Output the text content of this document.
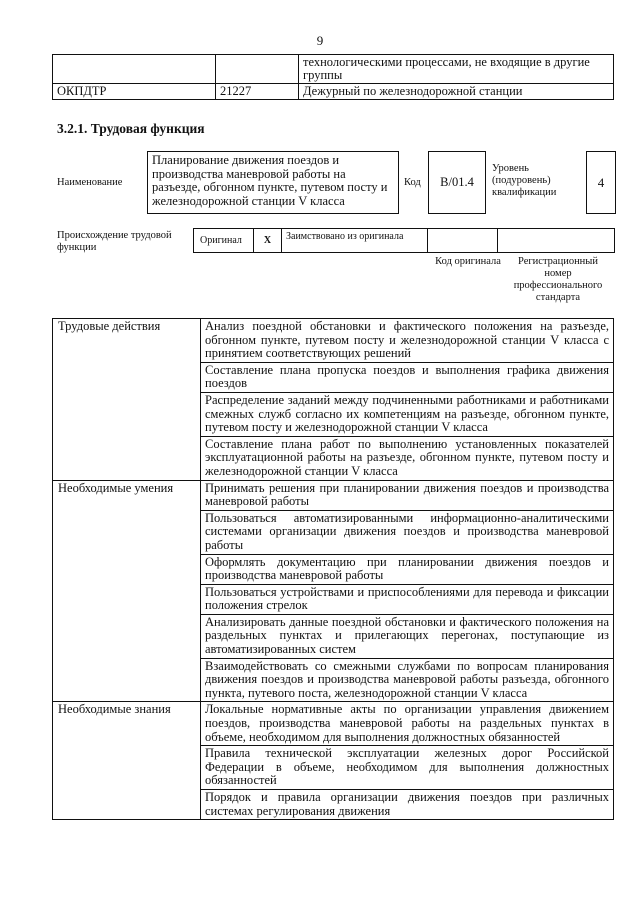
9
		технологическими процессами, не входящие в другие группы
ОКПДТР	21227	Дежурный по железнодорожной станции
3.2.1. Трудовая функция
Наименование
Планирование движения поездов и производства маневровой работы на разъезде, обгонном пункте, путевом посту и железнодорожной станции V класса
Код	B/01.4
Уровень (подуровень) квалификации
4
Происхождение трудовой функции
Оригинал	X	Заимствовано из оригинала
Код оригинала	Регистрационный номер профессионального стандарта
Трудовые действия	Анализ поездной обстановки и фактического положения на разъезде, обгонном пункте, путевом посту и железнодорожной станции V класса с принятием соответствующих решений
	Составление плана пропуска поездов и выполнения графика движения поездов
	Распределение заданий между подчиненными работниками и работниками смежных служб согласно их компетенциям на разъезде, обгонном пункте, путевом посту и железнодорожной станции V класса
	Составление плана работ по выполнению установленных показателей эксплуатационной работы на разъезде, обгонном пункте, путевом посту и железнодорожной станции V класса
Необходимые умения	Принимать решения при планировании движения поездов и производства маневровой работы
	Пользоваться автоматизированными информационно-аналитическими системами организации движения поездов и производства маневровой работы
	Оформлять документацию при планировании движения поездов и производства маневровой работы
	Пользоваться устройствами и приспособлениями для перевода и фиксации положения стрелок
	Анализировать данные поездной обстановки и фактического положения на раздельных пунктах и прилегающих перегонах, поступающие из автоматизированных систем
	Взаимодействовать со смежными службами по вопросам планирования движения поездов и производства маневровой работы разъезда, обгонного пункта, путевого поста, железнодорожной станции V класса
Необходимые знания	Локальные нормативные акты по организации управления движением поездов, производства маневровой работы на раздельных пунктах в объеме, необходимом для выполнения должностных обязанностей
	Правила технической эксплуатации железных дорог Российской Федерации в объеме, необходимом для выполнения должностных обязанностей
	Порядок и правила организации движения поездов при различных системах регулирования движения
